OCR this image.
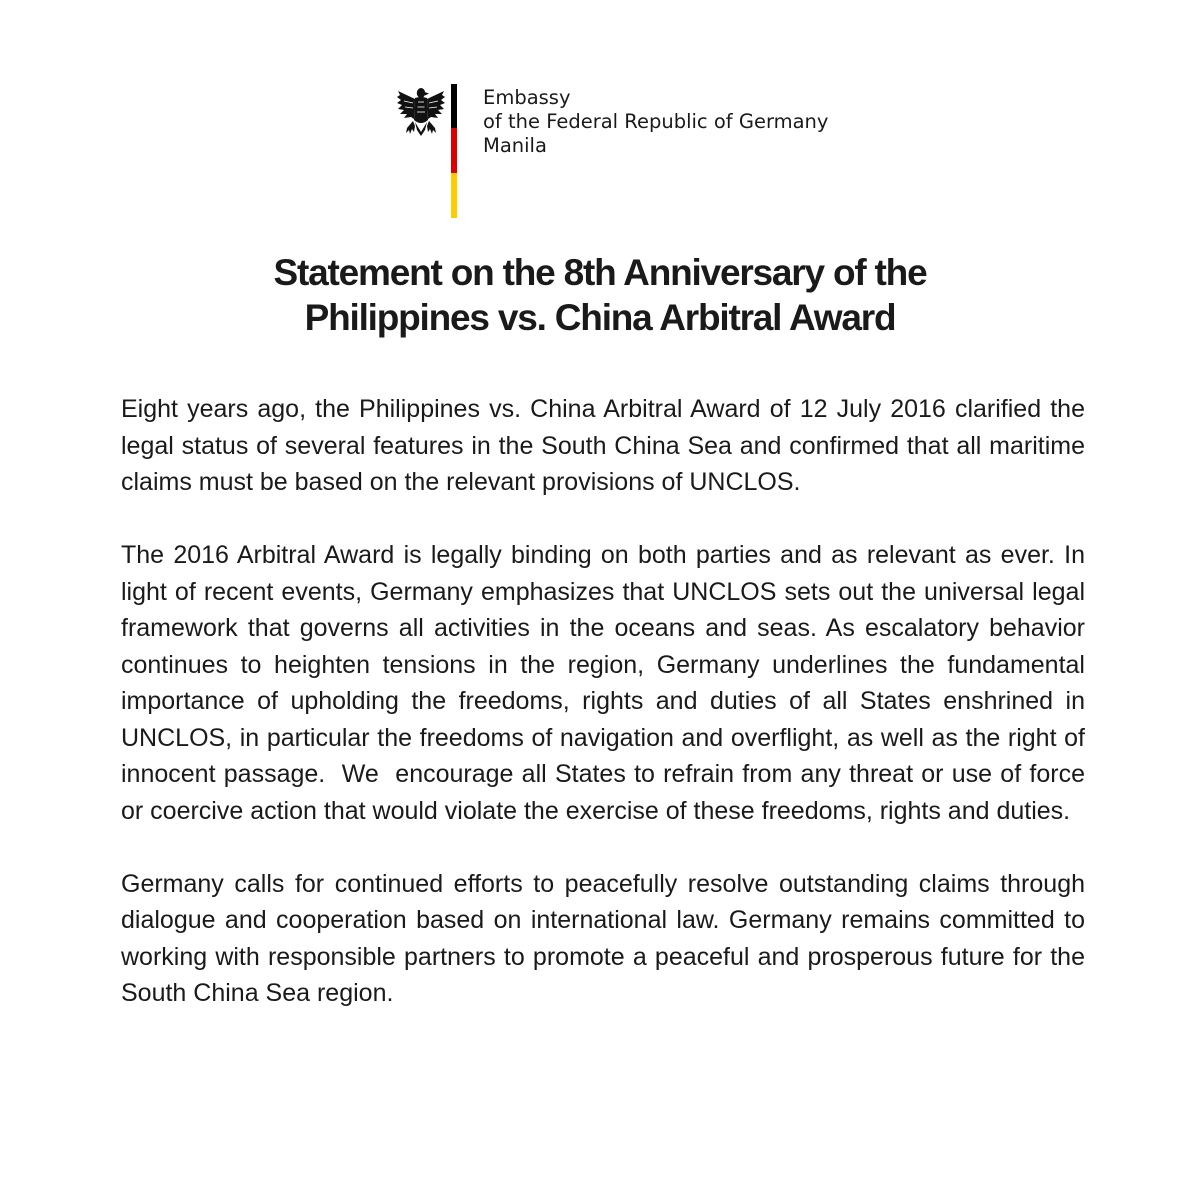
Embassy
of the Federal Republic of Germany
Manila
Statement on the 8th Anniversary of the
Philippines vs. China Arbitral Award

Eight years ago, the Philippines vs. China Arbitral Award of 12 July 2016 clarified the legal status of several features in the South China Sea and confirmed that all maritime claims must be based on the relevant provisions of UNCLOS.

The 2016 Arbitral Award is legally binding on both parties and as relevant as ever. In light of recent events, Germany emphasizes that UNCLOS sets out the universal legal framework that governs all activities in the oceans and seas. As escalatory behavior continues to heighten tensions in the region, Germany underlines the fundamental importance of upholding the freedoms, rights and duties of all States enshrined in UNCLOS, in particular the freedoms of navigation and overflight, as well as the right of innocent passage.  We  encourage all States to refrain from any threat or use of force or coercive action that would violate the exercise of these freedoms, rights and duties.

Germany calls for continued efforts to peacefully resolve outstanding claims through dialogue and cooperation based on international law. Germany remains committed to working with responsible partners to promote a peaceful and prosperous future for the South China Sea region.
